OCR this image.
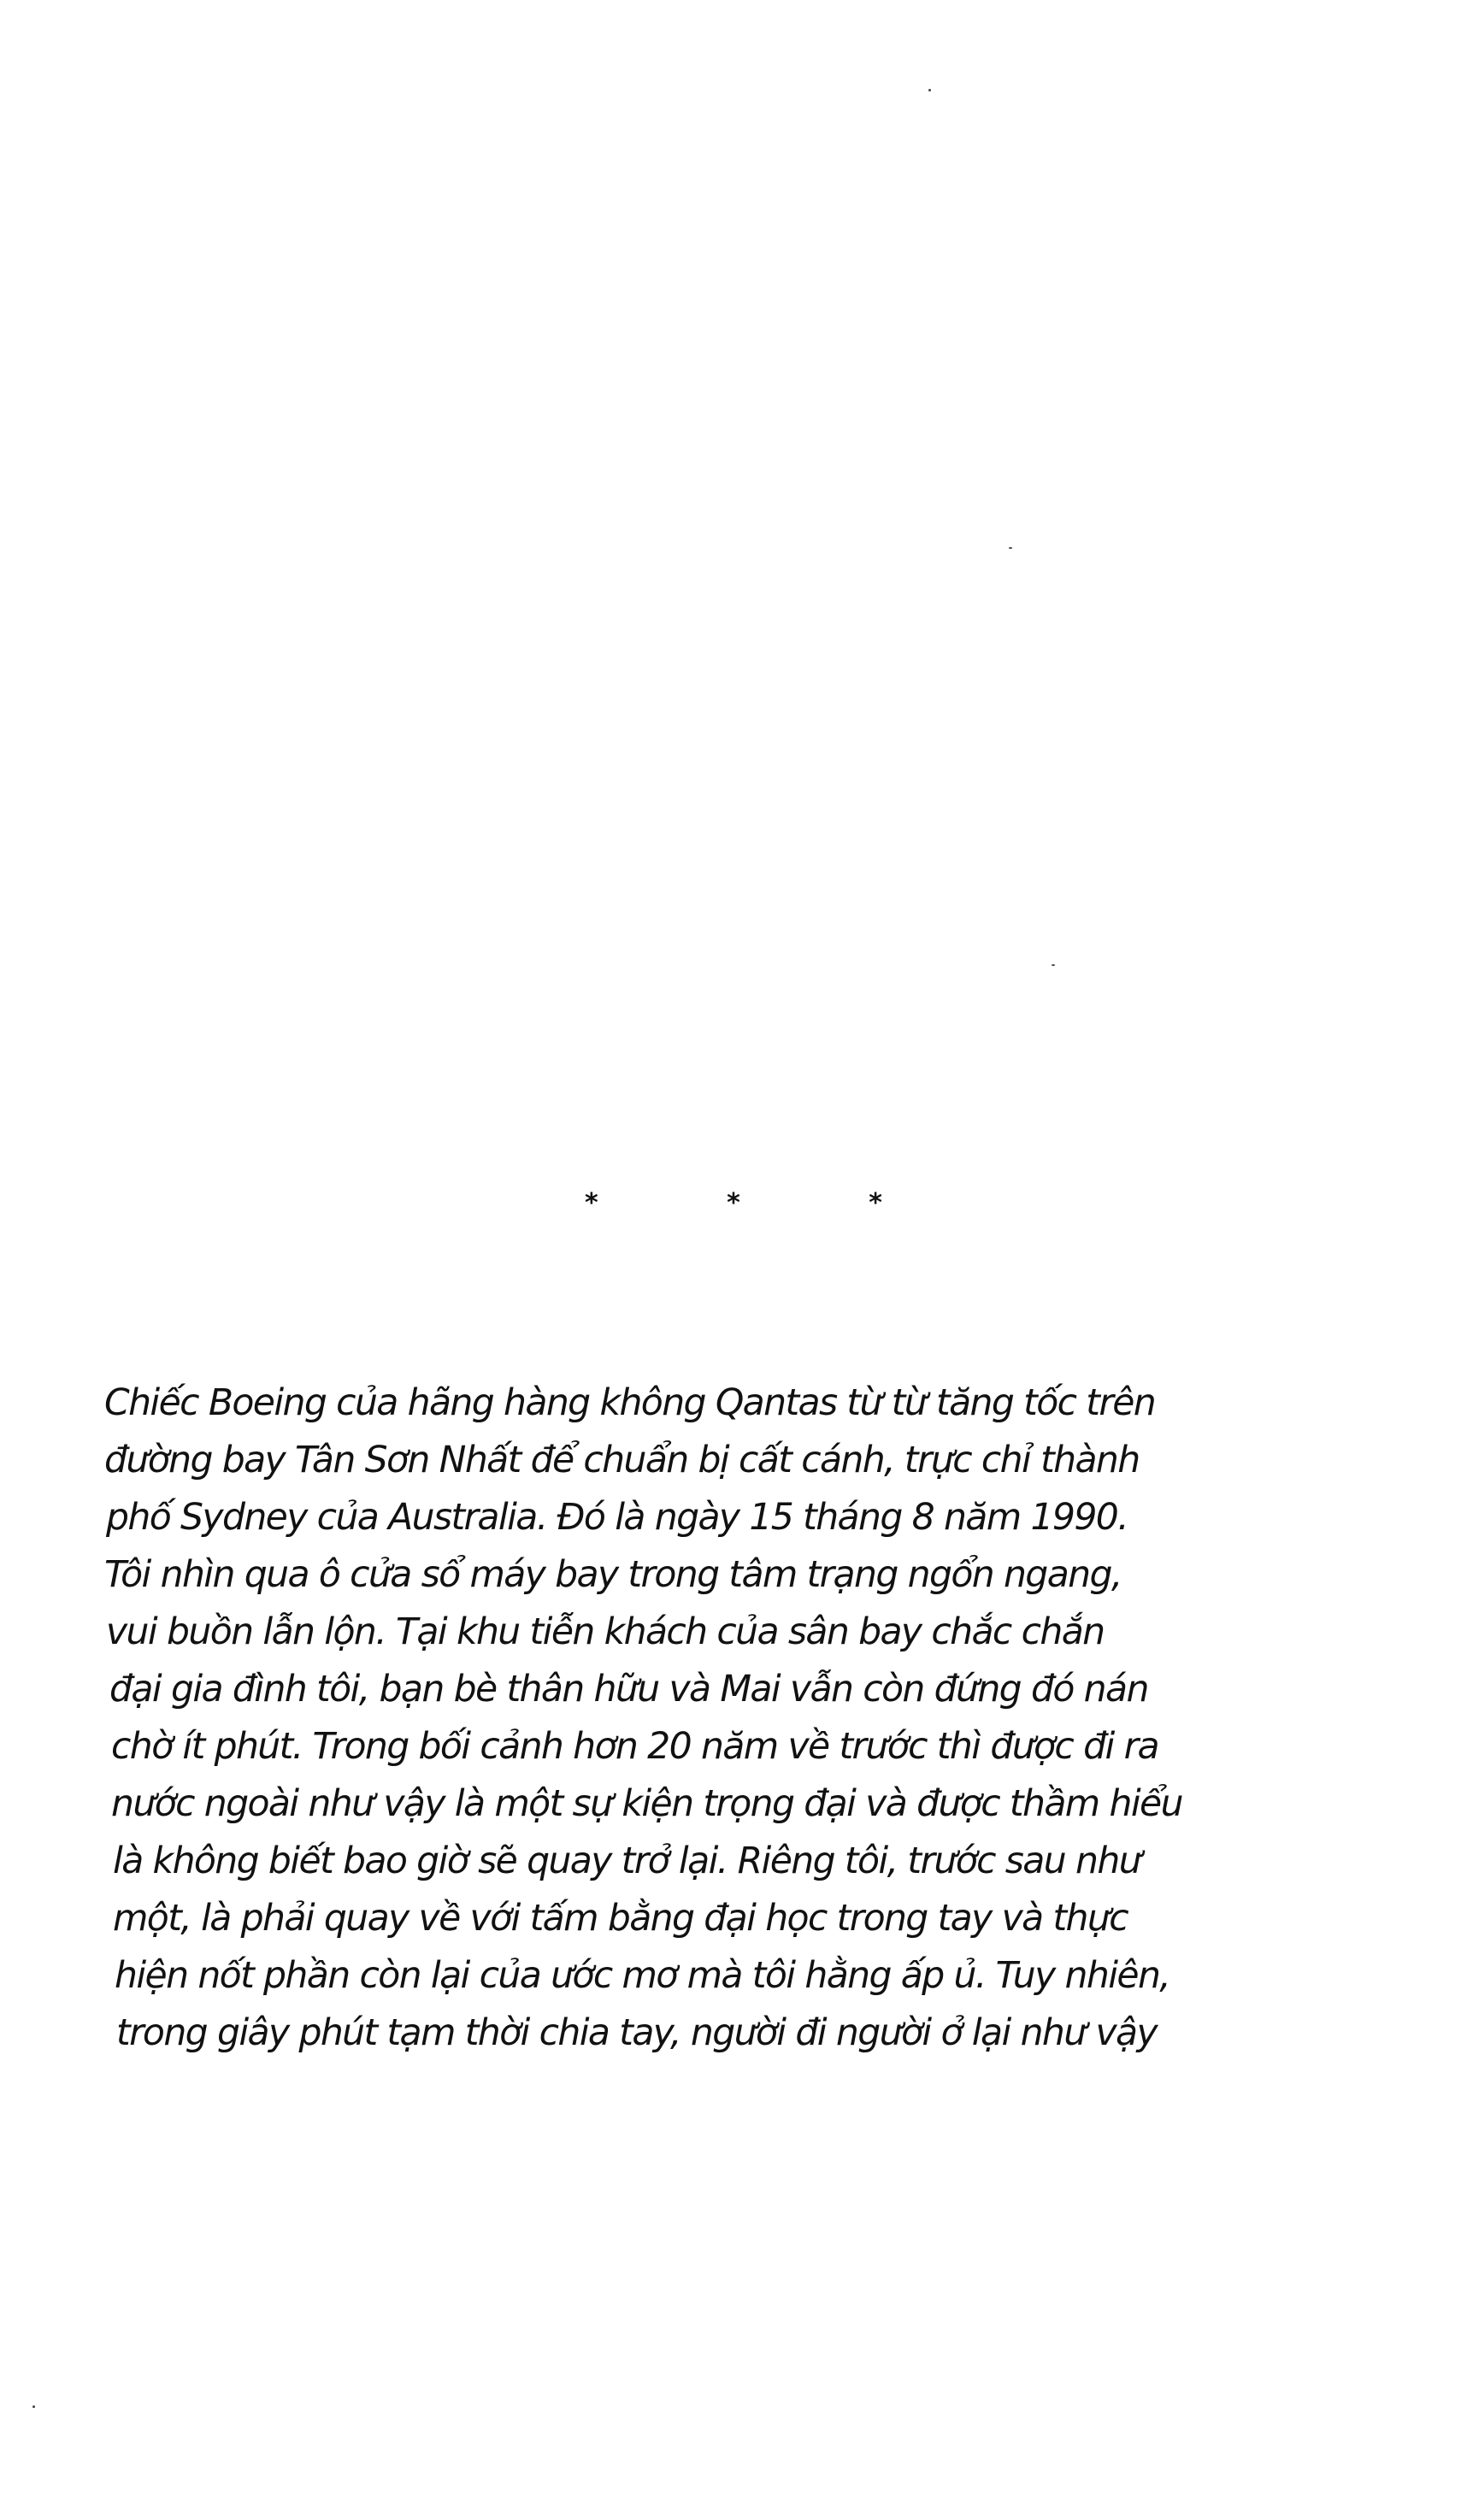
* * *
Chiếc Boeing của hãng hàng không Qantas từ từ tăng tốc trên
đường bay Tân Sơn Nhất để chuẩn bị cất cánh, trực chỉ thành
phố Sydney của Australia. Đó là ngày 15 tháng 8 năm 1990.
Tôi nhìn qua ô cửa sổ máy bay trong tâm trạng ngổn ngang,
vui buồn lẫn lộn. Tại khu tiễn khách của sân bay chắc chắn
đại gia đình tôi, bạn bè thân hữu và Mai vẫn còn đứng đó nán
chờ ít phút. Trong bối cảnh hơn 20 năm về trước thì được đi ra
nước ngoài như vậy là một sự kiện trọng đại và được thầm hiểu
là không biết bao giờ sẽ quay trở lại. Riêng tôi, trước sau như
một, là phải quay về với tấm bằng đại học trong tay và thực
hiện nốt phần còn lại của ước mơ mà tôi hằng ấp ủ. Tuy nhiên,
trong giây phút tạm thời chia tay, người đi người ở lại như vậy
